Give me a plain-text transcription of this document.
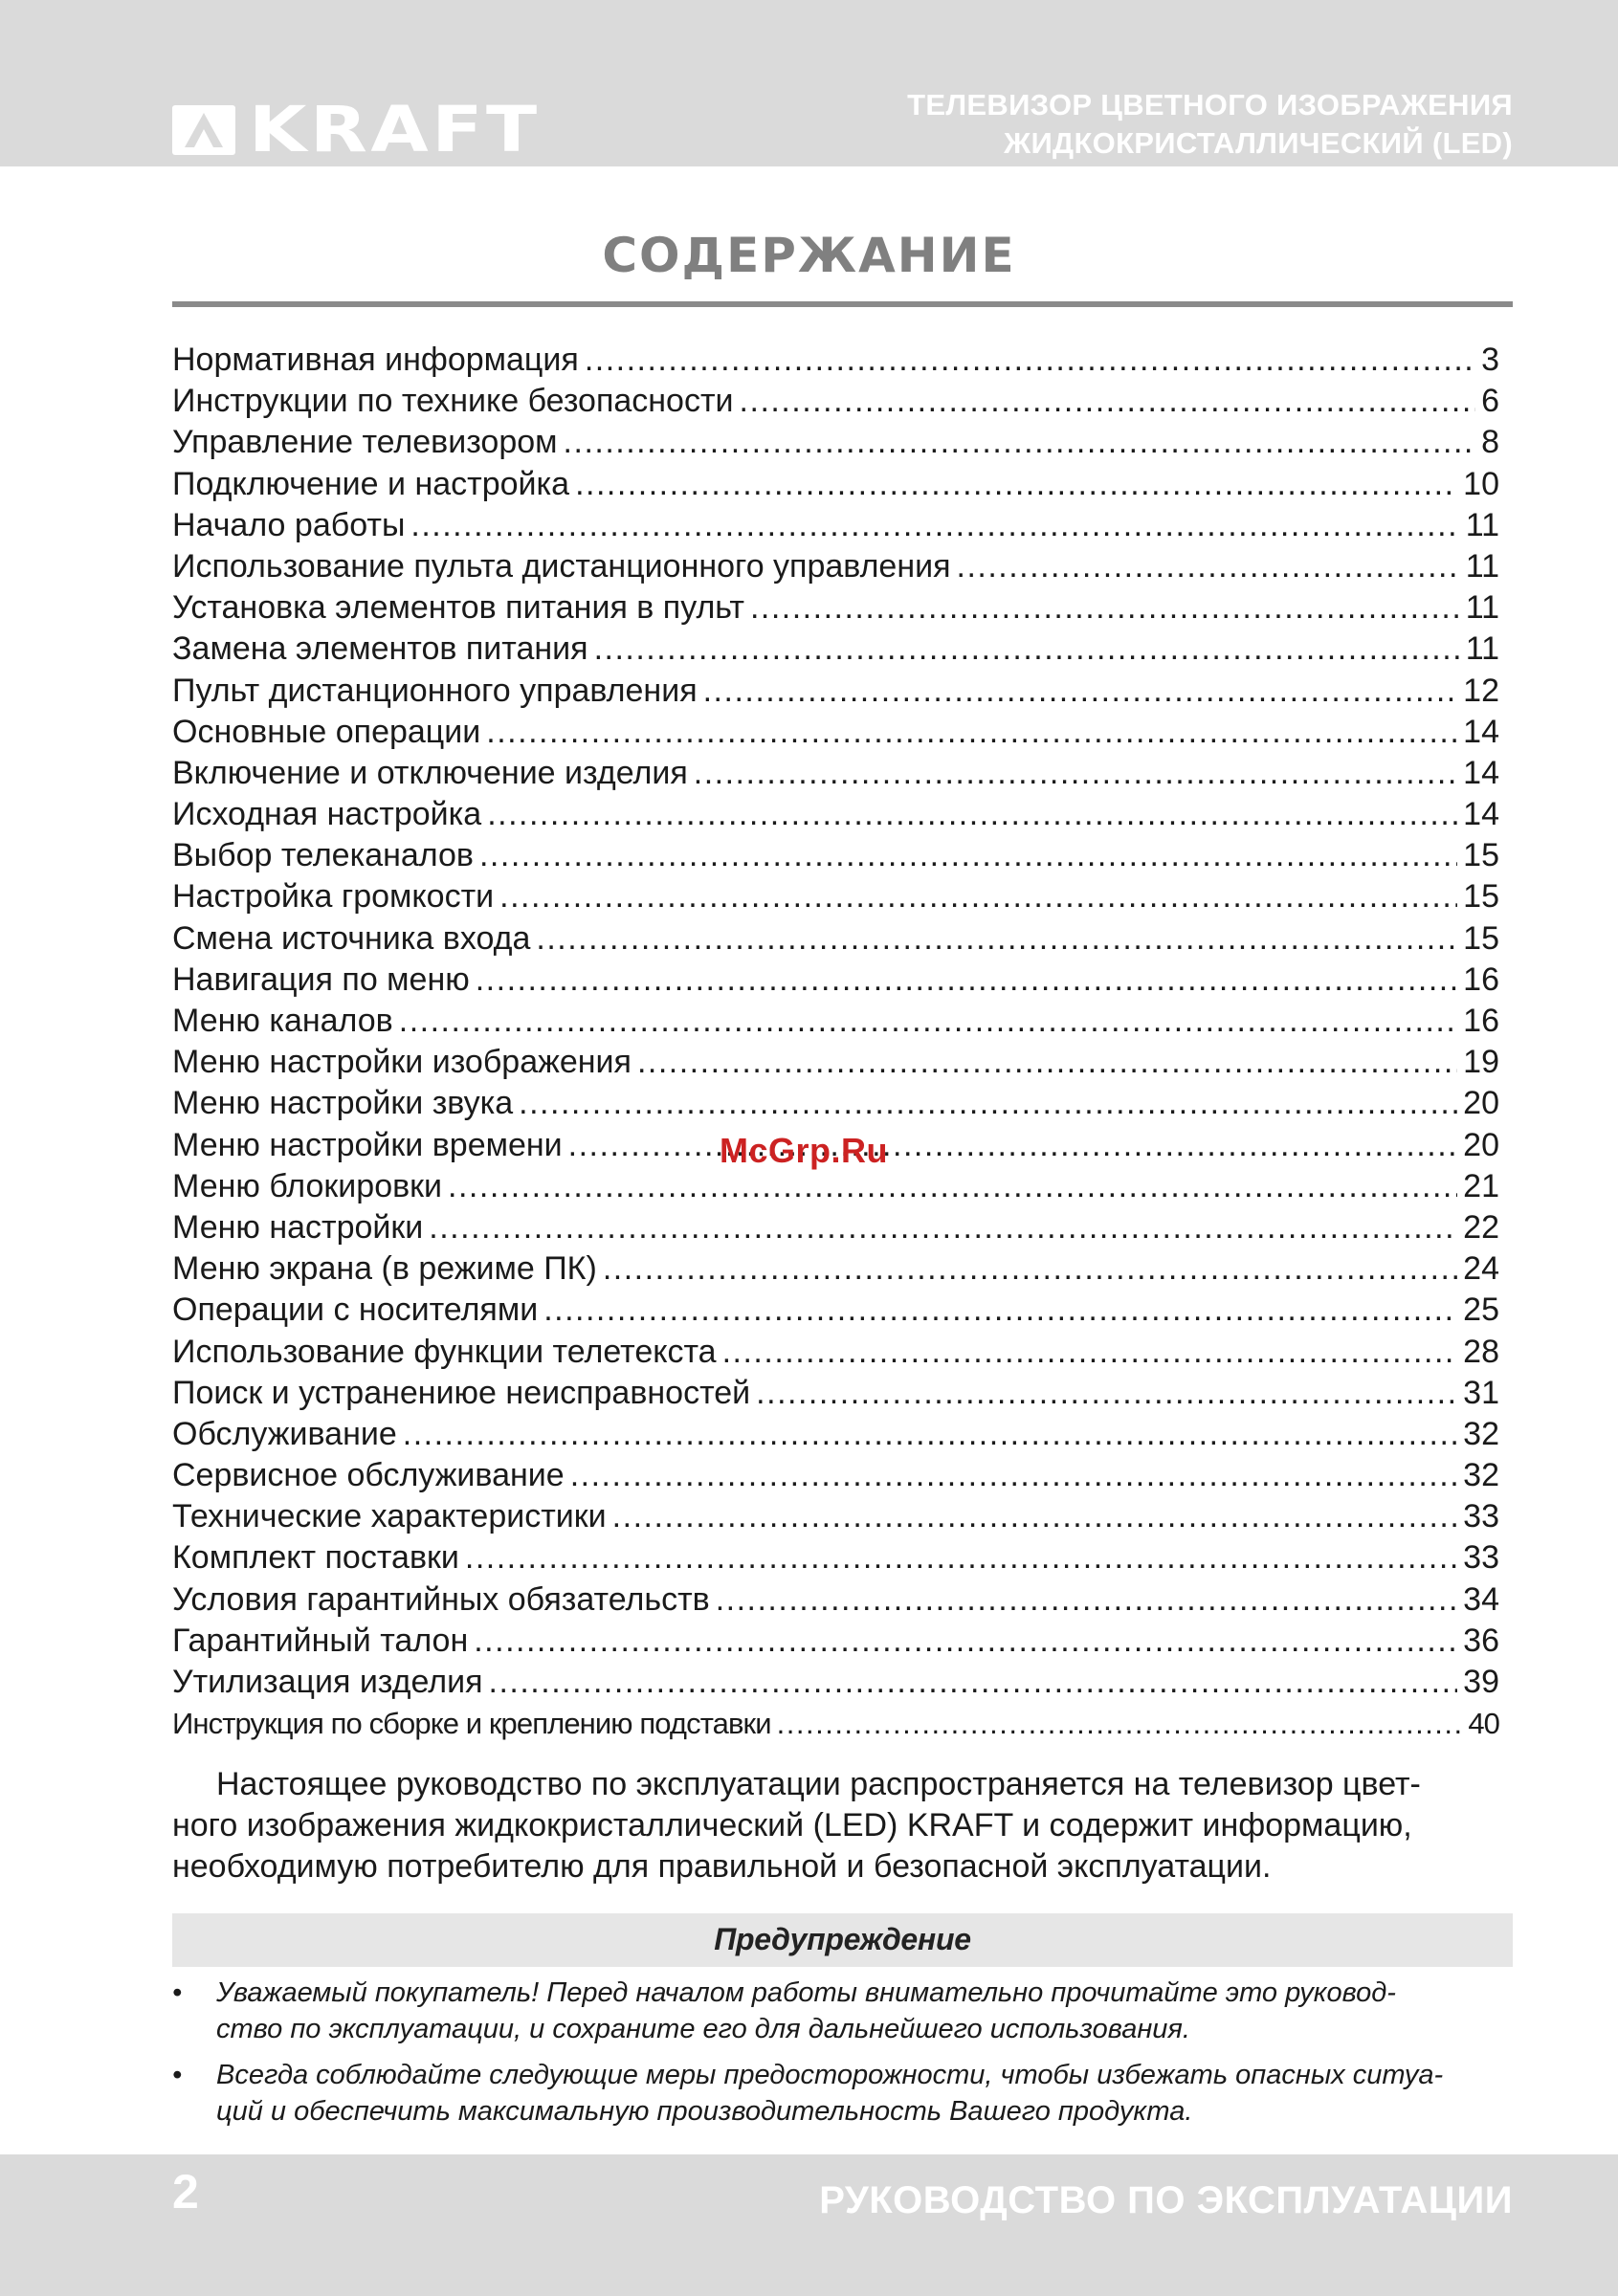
KRAFT	ТЕЛЕВИЗОР ЦВЕТНОГО ИЗОБРАЖЕНИЯ
ЖИДКОКРИСТАЛЛИЧЕСКИЙ (LED)
СОДЕРЖАНИЕ
Нормативная информация .....	3
Инструкции по технике безопасности .....	6
Управление телевизором .....	8
Подключение и настройка .....	10
Начало работы .....	11
Использование пульта дистанционного управления .....	11
Установка элементов питания в пульт .....	11
Замена элементов питания .....	11
Пульт дистанционного управления .....	12
Основные операции .....	14
Включение и отключение изделия .....	14
Исходная настройка .....	14
Выбор телеканалов .....	15
Настройка громкости .....	15
Смена источника входа .....	15
Навигация по меню .....	16
Меню каналов .....	16
Меню настройки изображения .....	19
Меню настройки звука .....	20
Меню настройки времени .....	20
Меню блокировки .....	21
Меню настройки .....	22
Меню экрана (в режиме ПК) .....	24
Операции с носителями .....	25
Использование функции телетекста .....	28
Поиск и устранениюе неисправностей .....	31
Обслуживание .....	32
Сервисное обслуживание .....	32
Технические характеристики .....	33
Комплект поставки .....	33
Условия гарантийных обязательств .....	34
Гарантийный талон .....	36
Утилизация изделия .....	39
Инструкция по сборке и креплению подставки .....	40
McGrp.Ru
Настоящее руководство по эксплуатации распространяется на телевизор цвет-
ного изображения жидкокристаллический (LED) KRAFT и содержит информацию,
необходимую потребителю для правильной и безопасной эксплуатации.
Предупреждение
• Уважаемый покупатель! Перед началом работы внимательно прочитайте это руковод-
ство по эксплуатации, и сохраните его для дальнейшего использования.
• Всегда соблюдайте следующие меры предосторожности, чтобы избежать опасных ситуа-
ций и обеспечить максимальную производительность Вашего продукта.
2	РУКОВОДСТВО ПО ЭКСПЛУАТАЦИИ
